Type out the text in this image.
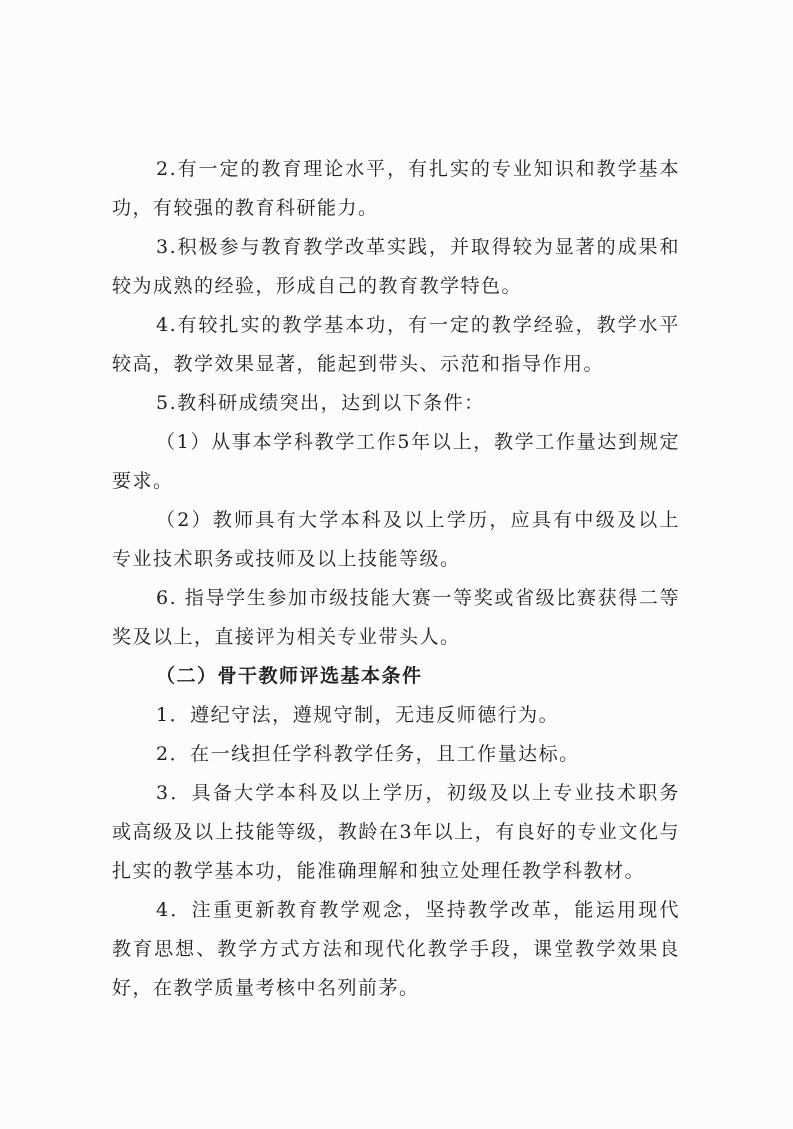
2.有一定的教育理论水平，有扎实的专业知识和教学基本功，有较强的教育科研能力。

3.积极参与教育教学改革实践，并取得较为显著的成果和较为成熟的经验，形成自己的教育教学特色。

4.有较扎实的教学基本功，有一定的教学经验，教学水平较高，教学效果显著，能起到带头、示范和指导作用。

5.教科研成绩突出，达到以下条件：

（1）从事本学科教学工作5年以上，教学工作量达到规定要求。

（2）教师具有大学本科及以上学历，应具有中级及以上专业技术职务或技师及以上技能等级。

6. 指导学生参加市级技能大赛一等奖或省级比赛获得二等奖及以上，直接评为相关专业带头人。

（二）骨干教师评选基本条件

1．遵纪守法，遵规守制，无违反师德行为。

2．在一线担任学科教学任务，且工作量达标。

3．具备大学本科及以上学历，初级及以上专业技术职务或高级及以上技能等级，教龄在3年以上，有良好的专业文化与扎实的教学基本功，能准确理解和独立处理任教学科教材。

4．注重更新教育教学观念，坚持教学改革，能运用现代教育思想、教学方式方法和现代化教学手段，课堂教学效果良好，在教学质量考核中名列前茅。
